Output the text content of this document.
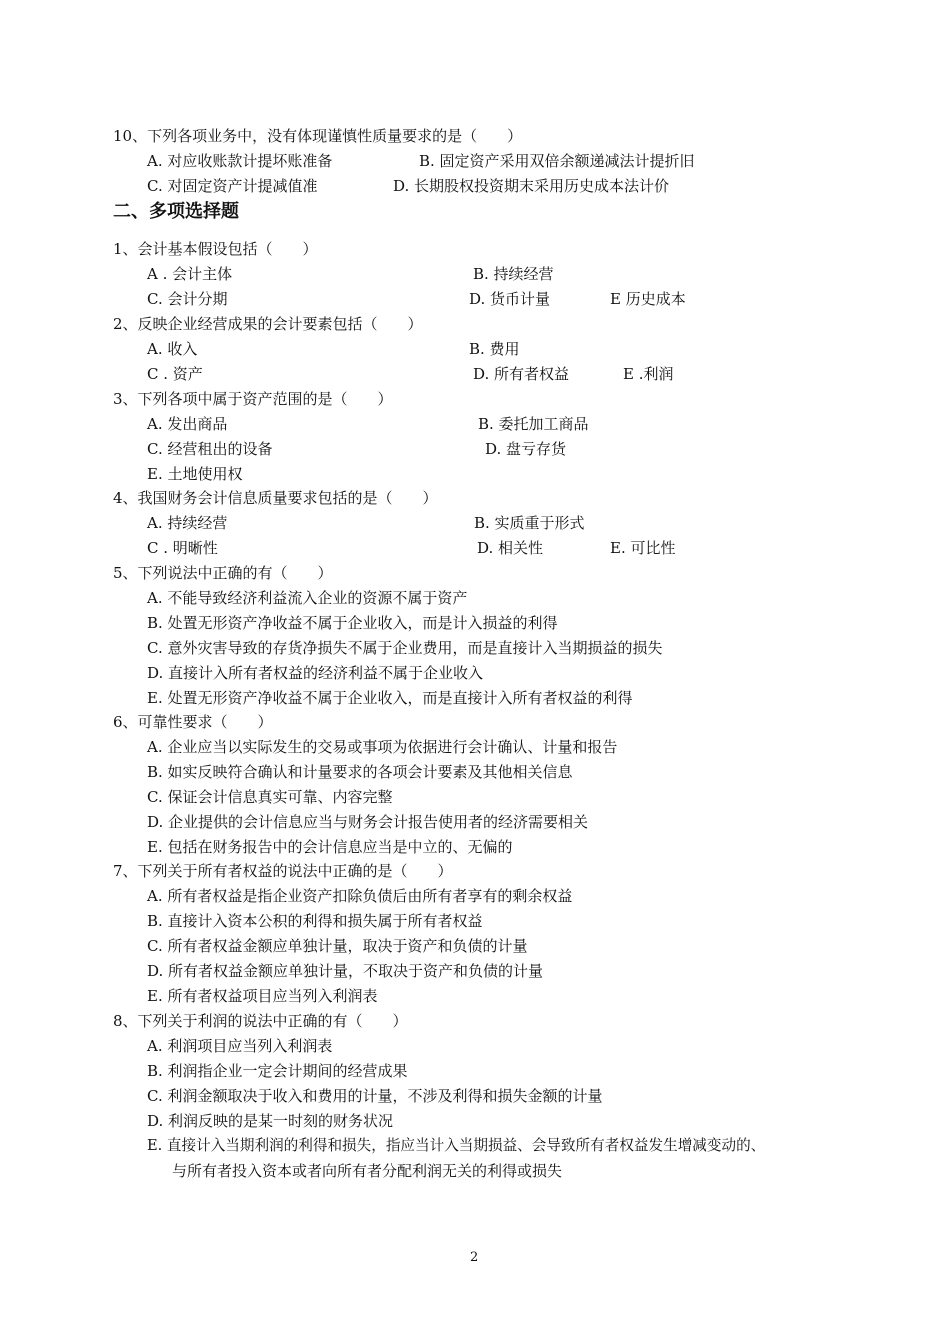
10、下列各项业务中，没有体现谨慎性质量要求的是（　　）
A. 对应收账款计提坏账准备	B. 固定资产采用双倍余额递减法计提折旧
C. 对固定资产计提减值准	D. 长期股权投资期末采用历史成本法计价
二、多项选择题
1、会计基本假设包括（　　）
A . 会计主体	B. 持续经营
C. 会计分期	D. 货币计量	E 历史成本
2、反映企业经营成果的会计要素包括（　　）
A. 收入	B. 费用
C . 资产	D. 所有者权益	E .利润
3、下列各项中属于资产范围的是（　　）
A. 发出商品	B. 委托加工商品
C. 经营租出的设备	D. 盘亏存货
E. 土地使用权
4、我国财务会计信息质量要求包括的是（　　）
A. 持续经营	B. 实质重于形式
C . 明晰性	D. 相关性	E. 可比性
5、下列说法中正确的有（　　）
A. 不能导致经济利益流入企业的资源不属于资产
B. 处置无形资产净收益不属于企业收入，而是计入损益的利得
C. 意外灾害导致的存货净损失不属于企业费用，而是直接计入当期损益的损失
D. 直接计入所有者权益的经济利益不属于企业收入
E. 处置无形资产净收益不属于企业收入，而是直接计入所有者权益的利得
6、可靠性要求（　　）
A. 企业应当以实际发生的交易或事项为依据进行会计确认、计量和报告
B. 如实反映符合确认和计量要求的各项会计要素及其他相关信息
C. 保证会计信息真实可靠、内容完整
D. 企业提供的会计信息应当与财务会计报告使用者的经济需要相关
E. 包括在财务报告中的会计信息应当是中立的、无偏的
7、下列关于所有者权益的说法中正确的是（　　）
A. 所有者权益是指企业资产扣除负债后由所有者享有的剩余权益
B. 直接计入资本公积的利得和损失属于所有者权益
C. 所有者权益金额应单独计量，取决于资产和负债的计量
D. 所有者权益金额应单独计量，不取决于资产和负债的计量
E. 所有者权益项目应当列入利润表
8、下列关于利润的说法中正确的有（　　）
A. 利润项目应当列入利润表
B. 利润指企业一定会计期间的经营成果
C. 利润金额取决于收入和费用的计量，不涉及利得和损失金额的计量
D. 利润反映的是某一时刻的财务状况
E. 直接计入当期利润的利得和损失，指应当计入当期损益、会导致所有者权益发生增减变动的、
与所有者投入资本或者向所有者分配利润无关的利得或损失
2
